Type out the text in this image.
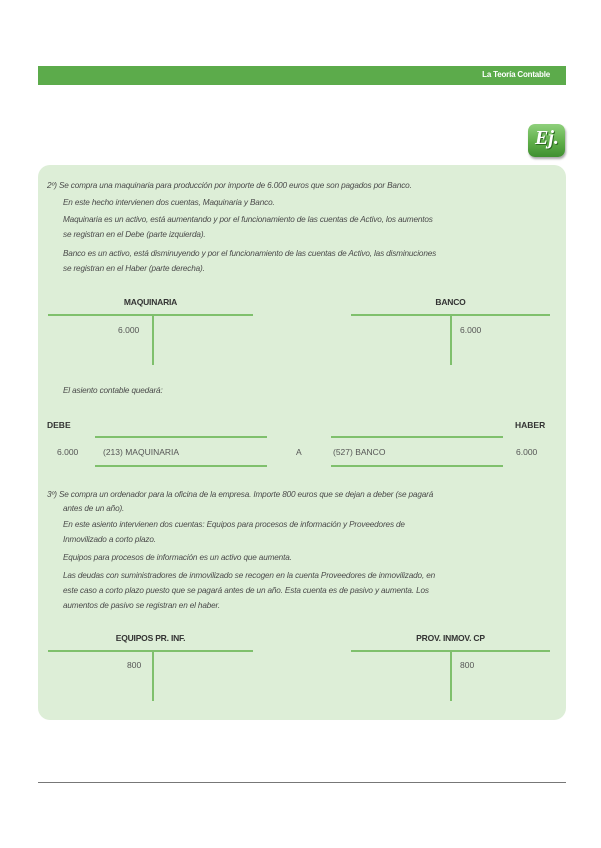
La Teoría Contable
Ej.

2º) Se compra una maquinaria para producción por importe de 6.000 euros que son pagados por Banco.

En este hecho intervienen dos cuentas, Maquinaria y Banco.

Maquinaria es un activo, está aumentando y por el funcionamiento de las cuentas de Activo, los aumentos

se registran en el Debe (parte izquierda).

Banco es un activo, está disminuyendo y por el funcionamiento de las cuentas de Activo, las disminuciones

se registran en el Haber (parte derecha).

MAQUINARIA
6.000
BANCO
6.000

El asiento contable quedará:

DEBE	HABER
6.000	(213) MAQUINARIA	A	(527) BANCO	6.000

3º) Se compra un ordenador para la oficina de la empresa. Importe 800 euros que se dejan a deber (se pagará

antes de un año).

En este asiento intervienen dos cuentas: Equipos para procesos de información y Proveedores de

Inmovilizado a corto plazo.

Equipos para procesos de información es un activo que aumenta.

Las deudas con suministradores de inmovilizado se recogen en la cuenta Proveedores de inmovilizado, en

este caso a corto plazo puesto que se pagará antes de un año. Esta cuenta es de pasivo y aumenta. Los

aumentos de pasivo se registran en el haber.

EQUIPOS PR. INF.
800
PROV. INMOV. CP
800
